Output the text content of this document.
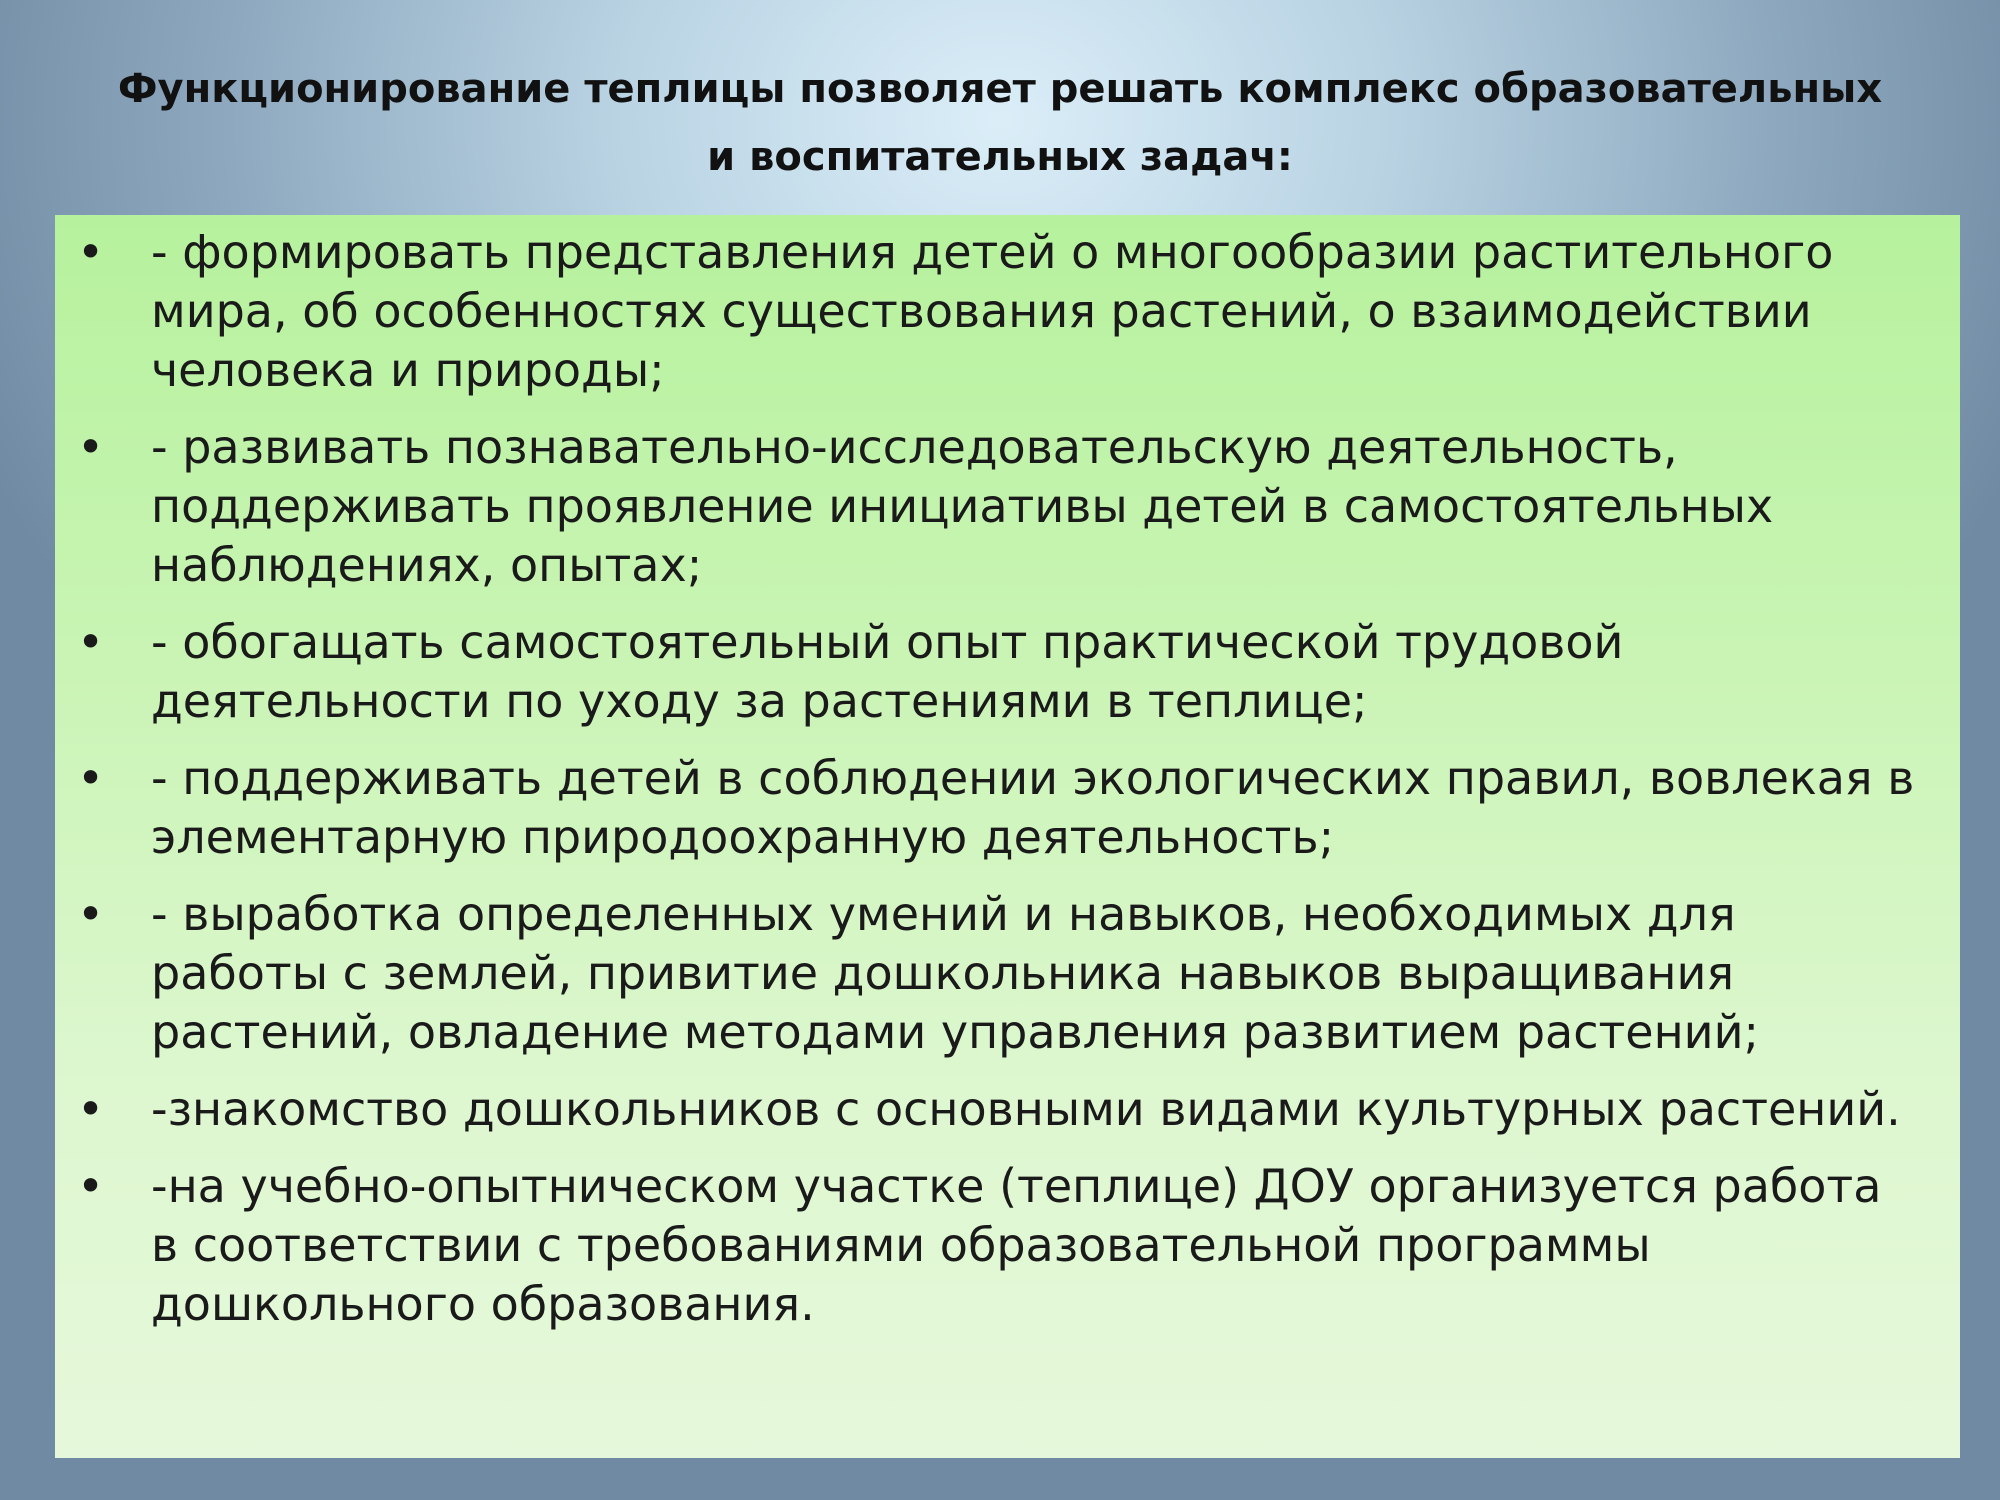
Функционирование теплицы позволяет решать комплекс образовательных
и воспитательных задач:
• - формировать представления детей о многообразии растительного мира, об особенностях существования растений, о взаимодействии человека и природы;
• - развивать познавательно-исследовательскую деятельность, поддерживать проявление инициативы детей в самостоятельных наблюдениях, опытах;
• - обогащать самостоятельный опыт практической трудовой деятельности по уходу за растениями в теплице;
• - поддерживать детей в соблюдении экологических правил, вовлекая в элементарную природоохранную деятельность;
• - выработка определенных умений и навыков, необходимых для работы с землей, привитие дошкольника навыков выращивания растений, овладение методами управления развитием растений;
• -знакомство дошкольников с основными видами культурных растений.
• -на учебно-опытническом участке (теплице) ДОУ организуется работа в соответствии с требованиями образовательной программы дошкольного образования.
